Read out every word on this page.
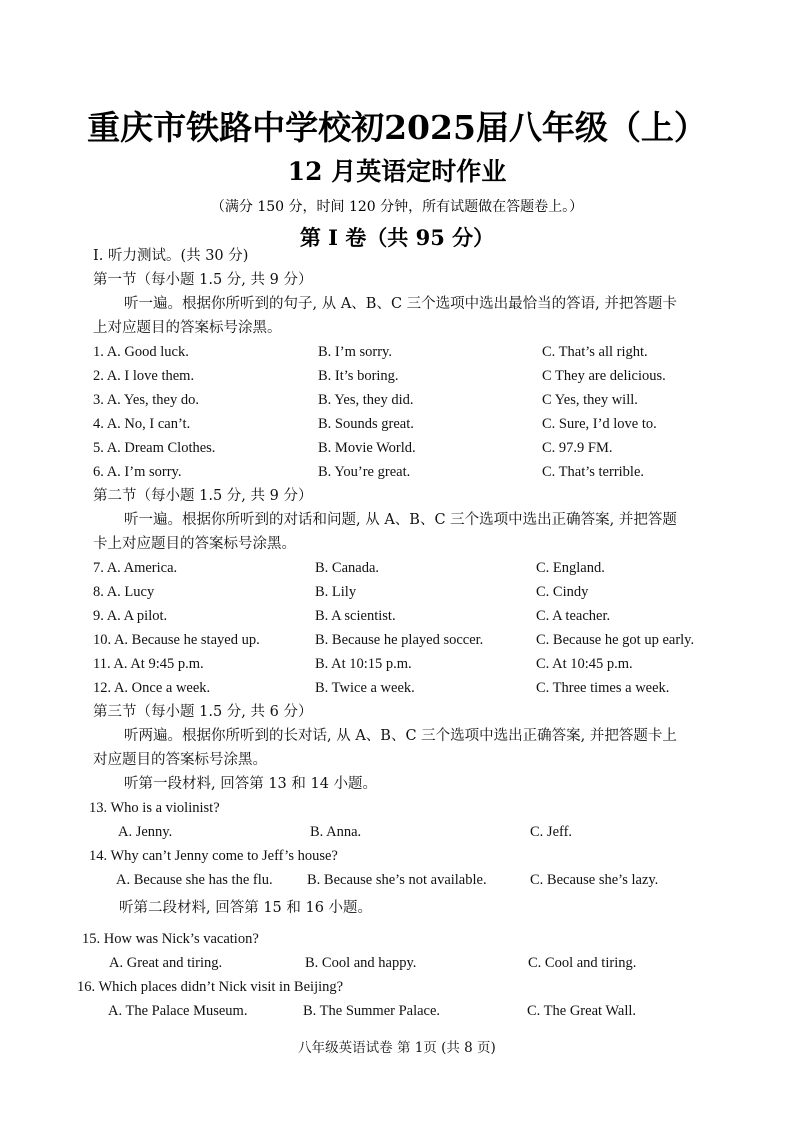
重庆市铁路中学校初2025届八年级（上）
12 月英语定时作业
（满分 150 分，时间 120 分钟，所有试题做在答题卷上。）
第 I 卷（共 95 分）
I. 听力测试。(共 30 分)
第一节（每小题 1.5 分, 共 9 分）
听一遍。根据你所听到的句子, 从 A、B、C 三个选项中选出最恰当的答语, 并把答题卡
上对应题目的答案标号涂黑。
1. A. Good luck.	B. I’m sorry.	C. That’s all right.
2. A. I love them.	B. It’s boring.	C They are delicious.
3. A. Yes, they do.	B. Yes, they did.	C Yes, they will.
4. A. No, I can’t.	B. Sounds great.	C. Sure, I’d love to.
5. A. Dream Clothes.	B. Movie World.	C. 97.9 FM.
6. A. I’m sorry.	B. You’re great.	C. That’s terrible.
第二节（每小题 1.5 分, 共 9 分）
听一遍。根据你所听到的对话和问题, 从 A、B、C 三个选项中选出正确答案, 并把答题
卡上对应题目的答案标号涂黑。
7. A. America.	B. Canada.	C. England.
8. A. Lucy	B. Lily	C. Cindy
9. A. A pilot.	B. A scientist.	C. A teacher.
10. A. Because he stayed up.	B. Because he played soccer.	C. Because he got up early.
11. A. At 9:45 p.m.	B. At 10:15 p.m.	C. At 10:45 p.m.
12. A. Once a week.	B. Twice a week.	C. Three times a week.
第三节（每小题 1.5 分, 共 6 分）
听两遍。根据你所听到的长对话, 从 A、B、C 三个选项中选出正确答案, 并把答题卡上
对应题目的答案标号涂黑。
听第一段材料, 回答第 13 和 14 小题。
13. Who is a violinist?
A. Jenny.	B. Anna.	C. Jeff.
14. Why can’t Jenny come to Jeff’s house?
A. Because she has the flu. B. Because she’s not available.	C. Because she’s lazy.
听第二段材料, 回答第 15 和 16 小题。
15. How was Nick’s vacation?
A. Great and tiring.	B. Cool and happy.	C. Cool and tiring.
16. Which places didn’t Nick visit in Beijing?
A. The Palace Museum.	B. The Summer Palace.	C. The Great Wall.
八年级英语试卷 第 1页 (共 8 页)
